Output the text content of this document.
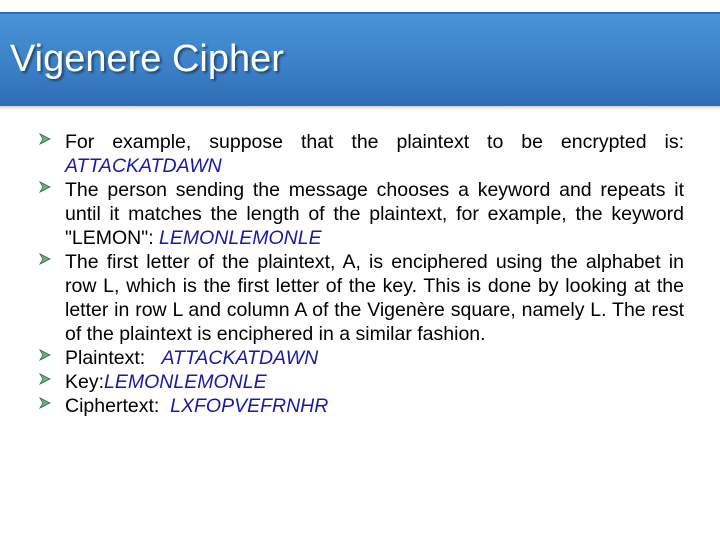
Vigenere Cipher
For example, suppose that the plaintext to be encrypted is: ATTACKATDAWN
The person sending the message chooses a keyword and repeats it until it matches the length of the plaintext, for example, the keyword "LEMON": LEMONLEMONLE
The first letter of the plaintext, A, is enciphered using the alphabet in row L, which is the first letter of the key. This is done by looking at the letter in row L and column A of the Vigenère square, namely L. The rest of the plaintext is enciphered in a similar fashion.
Plaintext:   ATTACKATDAWN
Key:LEMONLEMONLE
Ciphertext:  LXFOPVEFRNHR
